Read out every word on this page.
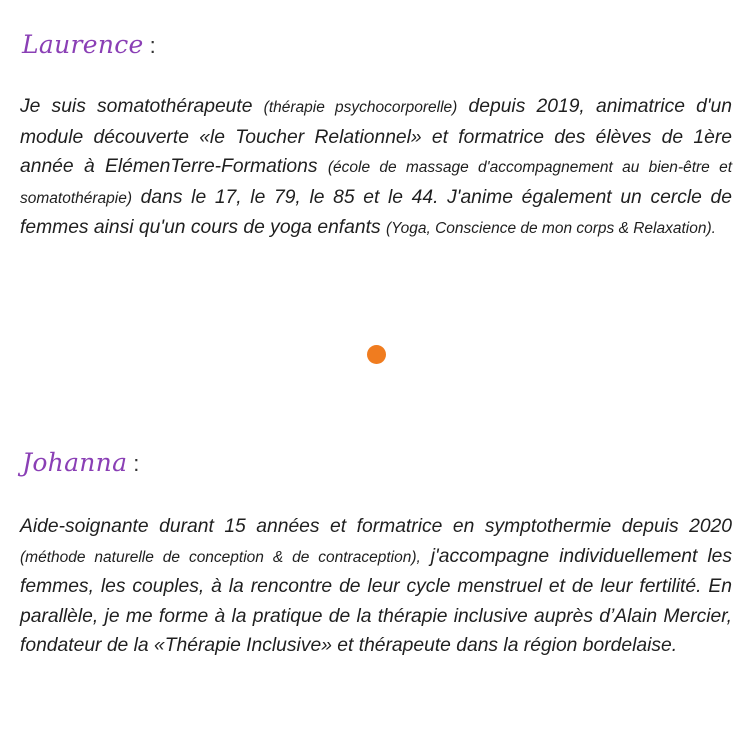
Laurence :

Je suis somatothérapeute (thérapie psychocorporelle) depuis 2019, animatrice d'un module découverte «le Toucher Relationnel» et formatrice des élèves de 1ère année à ElémenTerre-Formations (école de massage d'accompagnement au bien-être et somatothérapie) dans le 17, le 79, le 85 et le 44. J'anime également un cercle de femmes ainsi qu'un cours de yoga enfants (Yoga, Conscience de mon corps & Relaxation).

Johanna :

Aide-soignante durant 15 années et formatrice en symptothermie depuis 2020 (méthode naturelle de conception & de contraception), j'accompagne individuellement les femmes, les couples, à la rencontre de leur cycle menstruel et de leur fertilité. En parallèle, je me forme à la pratique de la thérapie inclusive auprès d’Alain Mercier, fondateur de la «Thérapie Inclusive» et thérapeute dans la région bordelaise.
